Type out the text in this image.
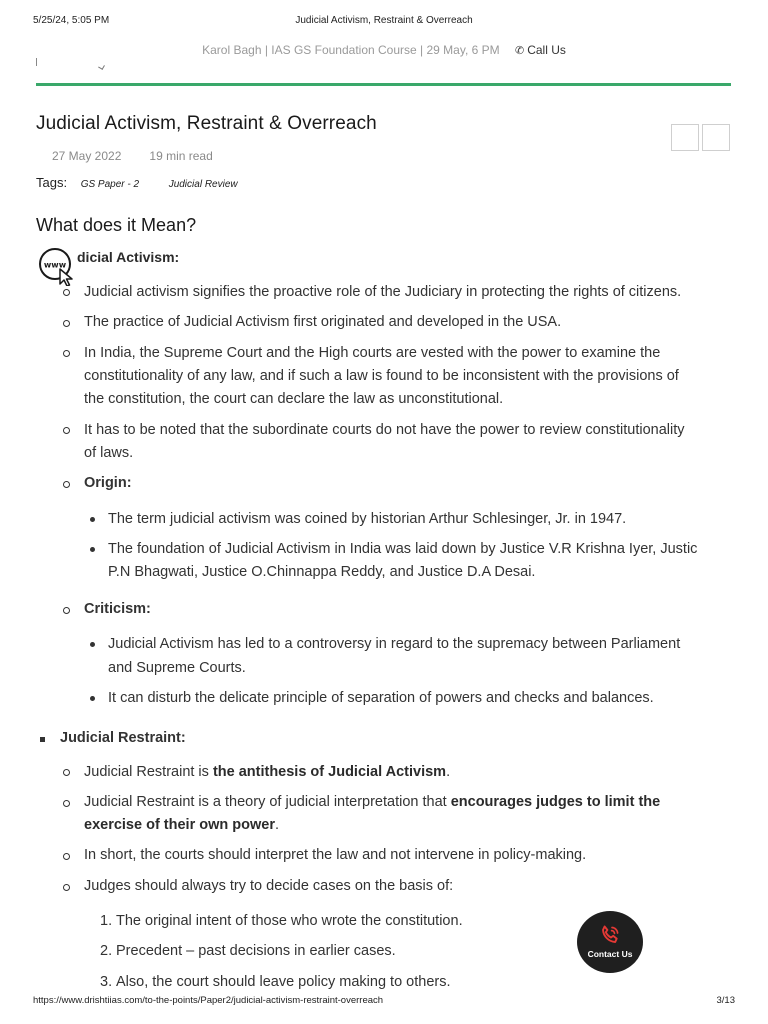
5/25/24, 5:05 PM	Judicial Activism, Restraint & Overreach
Karol Bagh | IAS GS Foundation Course | 29 May, 6 PM ✆ Call Us
Judicial Activism, Restraint & Overreach
27 May 2022 19 min read
Tags: GS Paper - 2	Judicial Review
What does it Mean?
www dicial Activism:
Judicial activism signifies the proactive role of the Judiciary in protecting the rights of citizens.
The practice of Judicial Activism first originated and developed in the USA.
In India, the Supreme Court and the High courts are vested with the power to examine the
constitutionality of any law, and if such a law is found to be inconsistent with the provisions of
the constitution, the court can declare the law as unconstitutional.
It has to be noted that the subordinate courts do not have the power to review constitutionality
of laws.
Origin:
The term judicial activism was coined by historian Arthur Schlesinger, Jr. in 1947.
The foundation of Judicial Activism in India was laid down by Justice V.R Krishna Iyer, Justic
P.N Bhagwati, Justice O.Chinnappa Reddy, and Justice D.A Desai.
Criticism:
Judicial Activism has led to a controversy in regard to the supremacy between Parliament
and Supreme Courts.
It can disturb the delicate principle of separation of powers and checks and balances.
Judicial Restraint:
Judicial Restraint is the antithesis of Judicial Activism.
Judicial Restraint is a theory of judicial interpretation that encourages judges to limit the
exercise of their own power.
In short, the courts should interpret the law and not intervene in policy-making.
Judges should always try to decide cases on the basis of:
1. The original intent of those who wrote the constitution.
2. Precedent – past decisions in earlier cases.
3. Also, the court should leave policy making to others.
Contact Us
https://www.drishtiias.com/to-the-points/Paper2/judicial-activism-restraint-overreach	3/13
